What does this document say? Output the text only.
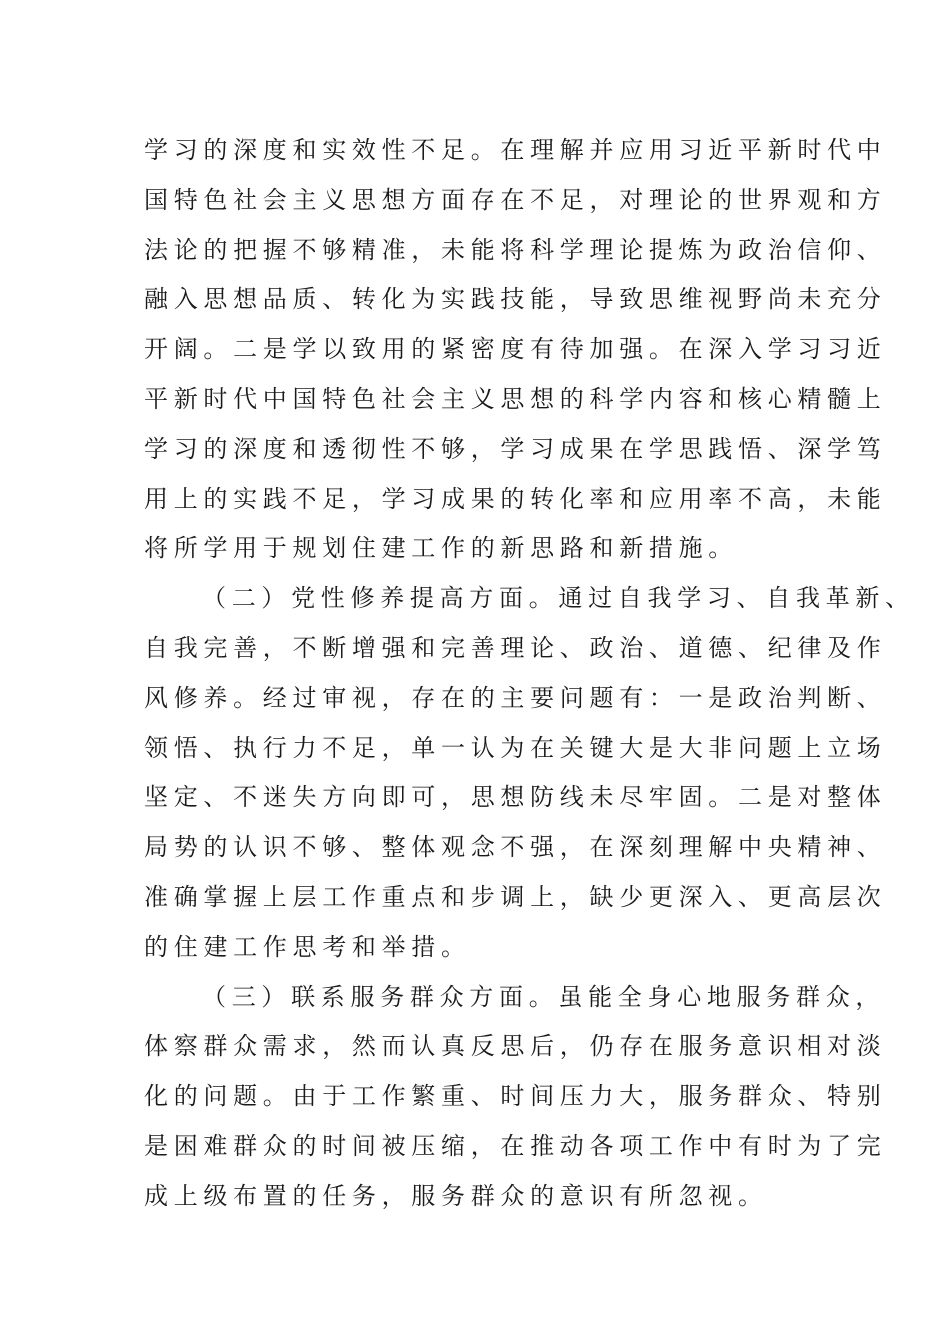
学习的深度和实效性不足。在理解并应用习近平新时代中
国特色社会主义思想方面存在不足，对理论的世界观和方
法论的把握不够精准，未能将科学理论提炼为政治信仰、
融入思想品质、转化为实践技能，导致思维视野尚未充分
开阔。二是学以致用的紧密度有待加强。在深入学习习近
平新时代中国特色社会主义思想的科学内容和核心精髓上
学习的深度和透彻性不够，学习成果在学思践悟、深学笃
用上的实践不足，学习成果的转化率和应用率不高，未能
将所学用于规划住建工作的新思路和新措施。
（二）党性修养提高方面。通过自我学习、自我革新、
自我完善，不断增强和完善理论、政治、道德、纪律及作
风修养。经过审视，存在的主要问题有：一是政治判断、
领悟、执行力不足，单一认为在关键大是大非问题上立场
坚定、不迷失方向即可，思想防线未尽牢固。二是对整体
局势的认识不够、整体观念不强，在深刻理解中央精神、
准确掌握上层工作重点和步调上，缺少更深入、更高层次
的住建工作思考和举措。
（三）联系服务群众方面。虽能全身心地服务群众，
体察群众需求，然而认真反思后，仍存在服务意识相对淡
化的问题。由于工作繁重、时间压力大，服务群众、特别
是困难群众的时间被压缩，在推动各项工作中有时为了完
成上级布置的任务，服务群众的意识有所忽视。
